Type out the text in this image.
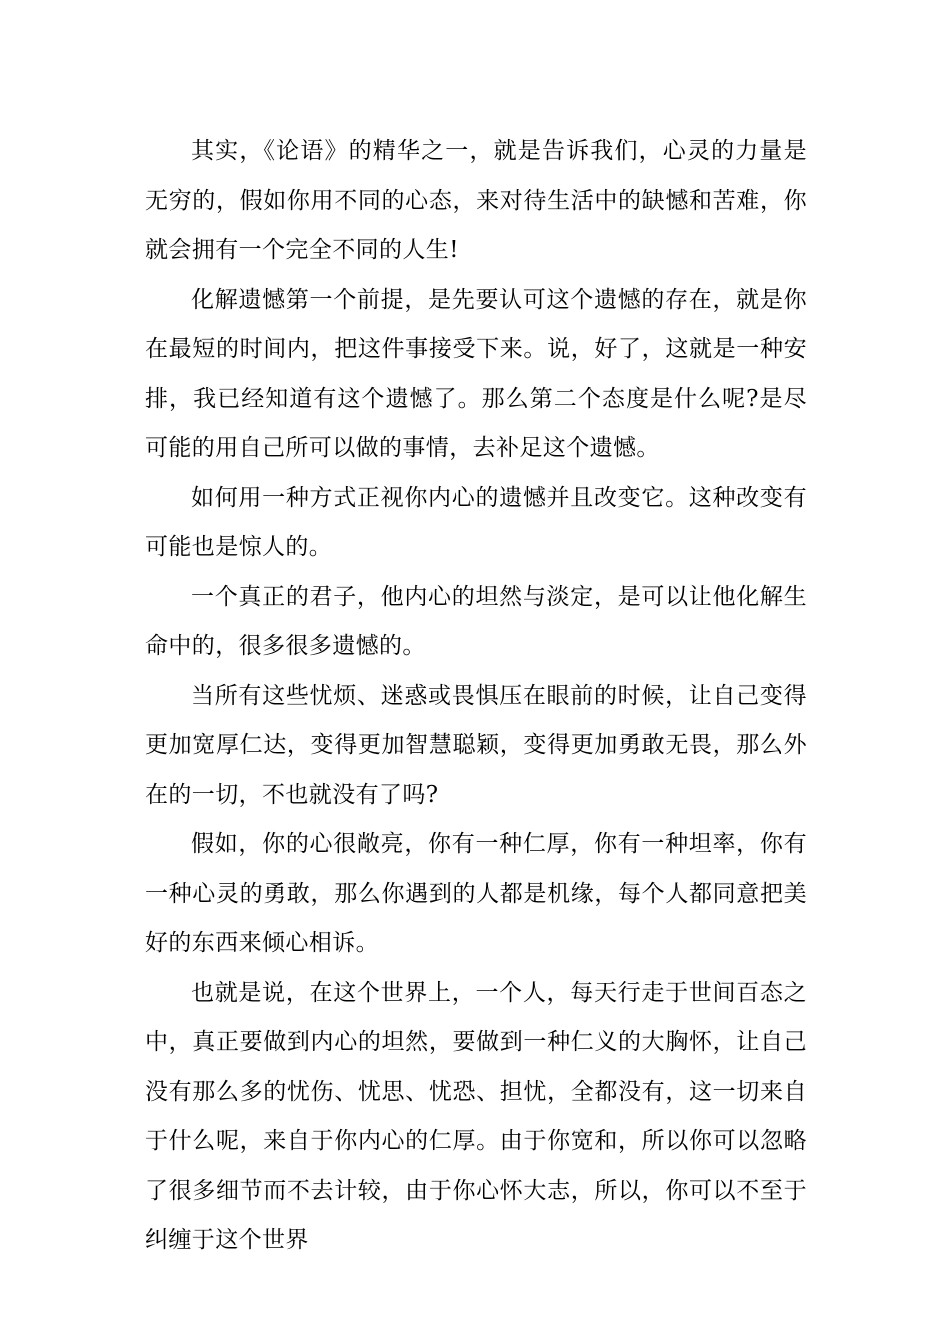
其实，《论语》的精华之一，就是告诉我们，心灵的力量是无穷的，假如你用不同的心态，来对待生活中的缺憾和苦难，你就会拥有一个完全不同的人生!

化解遗憾第一个前提，是先要认可这个遗憾的存在，就是你在最短的时间内，把这件事接受下来。说，好了，这就是一种安排，我已经知道有这个遗憾了。那么第二个态度是什么呢?是尽可能的用自己所可以做的事情，去补足这个遗憾。

如何用一种方式正视你内心的遗憾并且改变它。这种改变有可能也是惊人的。

一个真正的君子，他内心的坦然与淡定，是可以让他化解生命中的，很多很多遗憾的。

当所有这些忧烦、迷惑或畏惧压在眼前的时候，让自己变得更加宽厚仁达，变得更加智慧聪颖，变得更加勇敢无畏，那么外在的一切，不也就没有了吗?

假如，你的心很敞亮，你有一种仁厚，你有一种坦率，你有一种心灵的勇敢，那么你遇到的人都是机缘，每个人都同意把美好的东西来倾心相诉。

也就是说，在这个世界上，一个人，每天行走于世间百态之中，真正要做到内心的坦然，要做到一种仁义的大胸怀，让自己没有那么多的忧伤、忧思、忧恐、担忧，全都没有，这一切来自于什么呢，来自于你内心的仁厚。由于你宽和，所以你可以忽略了很多细节而不去计较，由于你心怀大志，所以，你可以不至于纠缠于这个世界
